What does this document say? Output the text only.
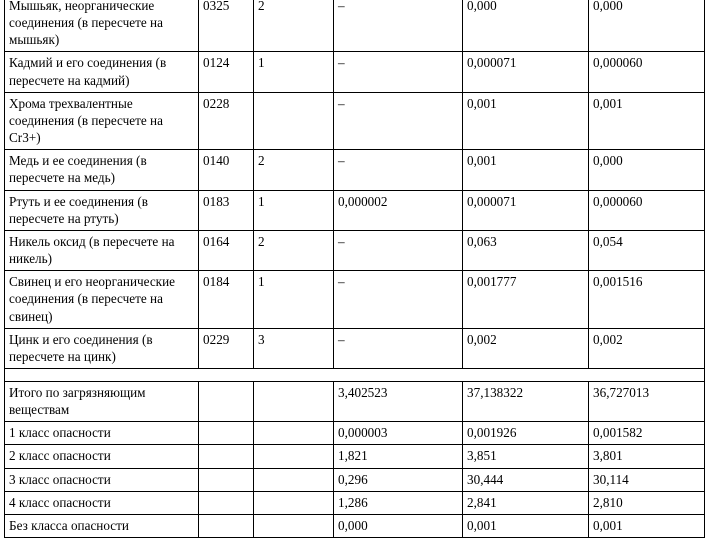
Мышьяк, неорганические соединения (в пересчете на мышьяк)	0325	2	–	0,000	0,000
Кадмий и его соединения (в пересчете на кадмий)	0124	1	–	0,000071	0,000060
Хрома трехвалентные соединения (в пересчете на Cr3+)	0228		–	0,001	0,001
Медь и ее соединения (в пересчете на медь)	0140	2	–	0,001	0,000
Ртуть и ее соединения (в пересчете на ртуть)	0183	1	0,000002	0,000071	0,000060
Никель оксид (в пересчете на никель)	0164	2	–	0,063	0,054
Свинец и его неорганические соединения (в пересчете на свинец)	0184	1	–	0,001777	0,001516
Цинк и его соединения (в пересчете на цинк)	0229	3	–	0,002	0,002

Итого по загрязняющим веществам			3,402523	37,138322	36,727013
1 класс опасности			0,000003	0,001926	0,001582
2 класс опасности			1,821	3,851	3,801
3 класс опасности			0,296	30,444	30,114
4 класс опасности			1,286	2,841	2,810
Без класса опасности			0,000	0,001	0,001
